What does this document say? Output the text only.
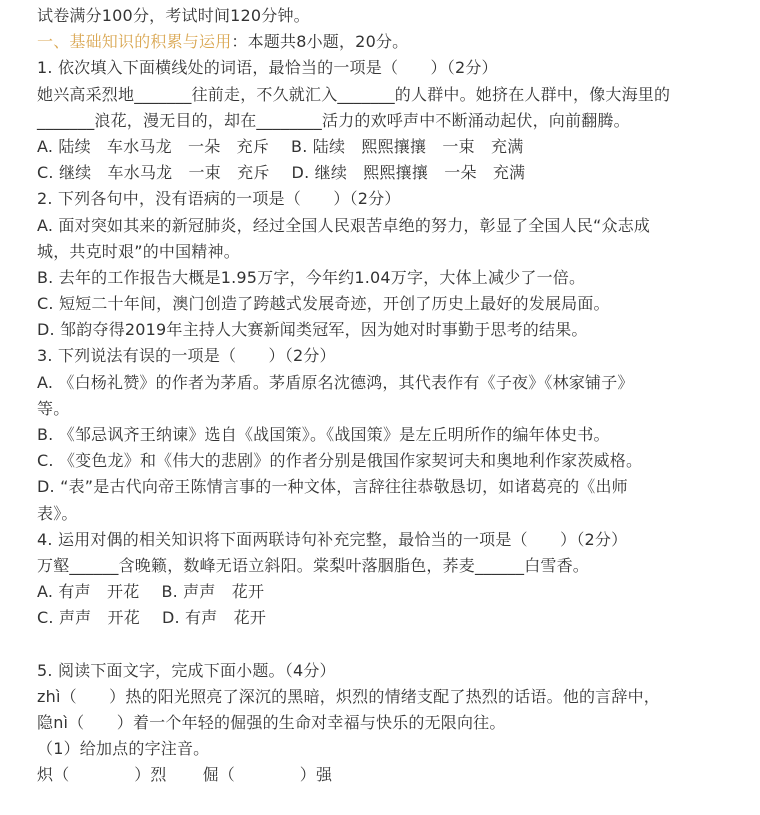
试卷满分100分，考试时间120分钟。
一、基础知识的积累与运用：本题共8小题，20分。
1. 依次填入下面横线处的词语，最恰当的一项是（　　）（2分）
她兴高采烈地_______往前走，不久就汇入_______的人群中。她挤在人群中，像大海里的
_______浪花，漫无目的，却在________活力的欢呼声中不断涌动起伏，向前翻腾。
A. 陆续　车水马龙　一朵　充斥 B. 陆续　熙熙攘攘　一束　充满
C. 继续　车水马龙　一束　充斥 D. 继续　熙熙攘攘　一朵　充满
2. 下列各句中，没有语病的一项是（　　）（2分）
A. 面对突如其来的新冠肺炎，经过全国人民艰苦卓绝的努力，彰显了全国人民“众志成
城，共克时艰”的中国精神。
B. 去年的工作报告大概是1.95万字，今年约1.04万字，大体上减少了一倍。
C. 短短二十年间，澳门创造了跨越式发展奇迹，开创了历史上最好的发展局面。
D. 邹韵夺得2019年主持人大赛新闻类冠军，因为她对时事勤于思考的结果。
3. 下列说法有误的一项是（　　）（2分）
A. 《白杨礼赞》的作者为茅盾。茅盾原名沈德鸿，其代表作有《子夜》《林家铺子》
等。
B. 《邹忌讽齐王纳谏》选自《战国策》。《战国策》是左丘明所作的编年体史书。
C. 《变色龙》和《伟大的悲剧》的作者分别是俄国作家契诃夫和奥地利作家茨威格。
D. “表”是古代向帝王陈情言事的一种文体，言辞往往恭敬恳切，如诸葛亮的《出师
表》。
4. 运用对偶的相关知识将下面两联诗句补充完整，最恰当的一项是（　　）（2分）
万壑______含晚籁，数峰无语立斜阳。棠梨叶落胭脂色，荞麦______白雪香。
A. 有声　开花 B. 声声　花开
C. 声声　开花 D. 有声　花开
5. 阅读下面文字，完成下面小题。（4分）
zhì（　　）热的阳光照亮了深沉的黑暗，炽烈的情绪支配了热烈的话语。他的言辞中，
隐nì（　　）着一个年轻的倔强的生命对幸福与快乐的无限向往。
（1）给加点的字注音。
炽（　　　　）烈 倔（　　　　）强
